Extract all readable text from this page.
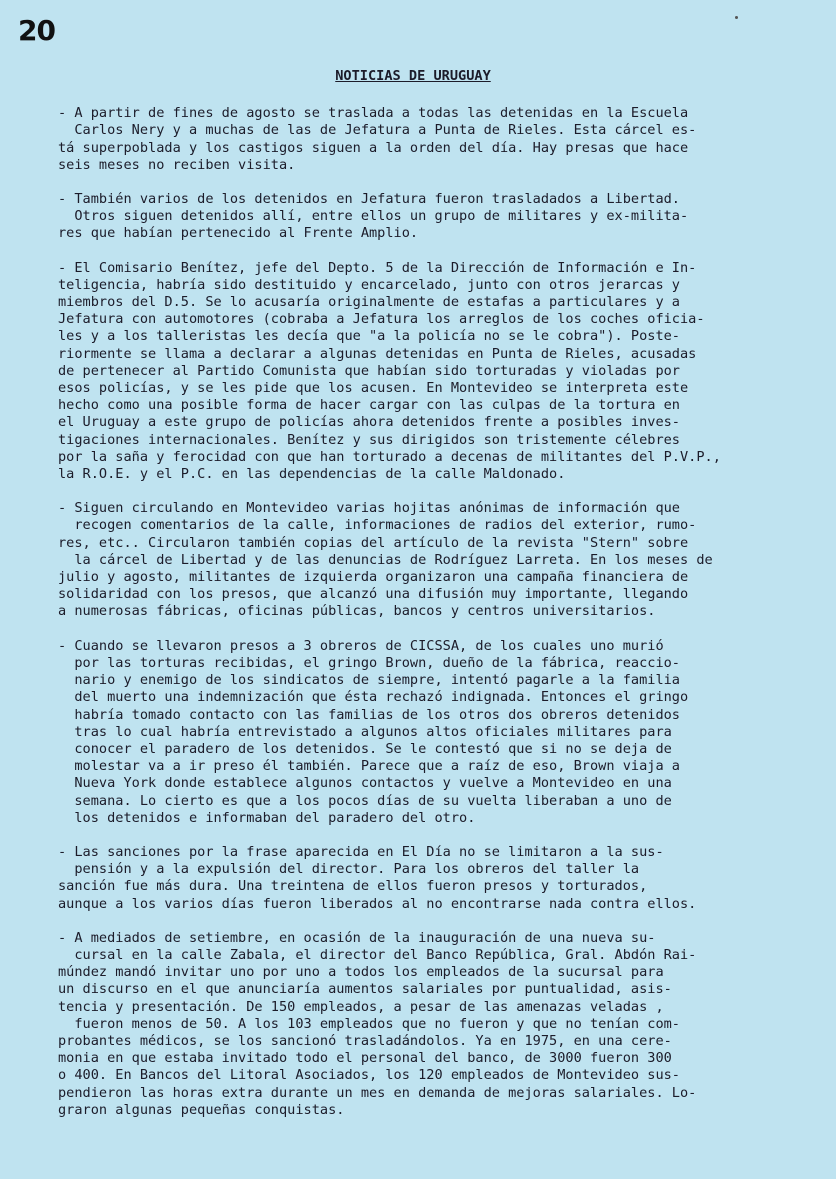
20
NOTICIAS DE URUGUAY
- A partir de fines de agosto se traslada a todas las detenidas en la Escuela
Carlos Nery y a muchas de las de Jefatura a Punta de Rieles. Esta cárcel es-
tá superpoblada y los castigos siguen a la orden del día. Hay presas que hace
seis meses no reciben visita.
- También varios de los detenidos en Jefatura fueron trasladados a Libertad.
Otros siguen detenidos allí, entre ellos un grupo de militares y ex-milita-
res que habían pertenecido al Frente Amplio.
- El Comisario Benítez, jefe del Depto. 5 de la Dirección de Información e In-
teligencia, habría sido destituido y encarcelado, junto con otros jerarcas y
miembros del D.5. Se lo acusaría originalmente de estafas a particulares y a
Jefatura con automotores (cobraba a Jefatura los arreglos de los coches oficia-
les y a los talleristas les decía que "a la policía no se le cobra"). Poste-
riormente se llama a declarar a algunas detenidas en Punta de Rieles, acusadas
de pertenecer al Partido Comunista que habían sido torturadas y violadas por
esos policías, y se les pide que los acusen. En Montevideo se interpreta este
hecho como una posible forma de hacer cargar con las culpas de la tortura en
el Uruguay a este grupo de policías ahora detenidos frente a posibles inves-
tigaciones internacionales. Benítez y sus dirigidos son tristemente célebres
por la saña y ferocidad con que han torturado a decenas de militantes del P.V.P.,
la R.O.E. y el P.C. en las dependencias de la calle Maldonado.
- Siguen circulando en Montevideo varias hojitas anónimas de información que
recogen comentarios de la calle, informaciones de radios del exterior, rumo-
res, etc.. Circularon también copias del artículo de la revista "Stern" sobre
la cárcel de Libertad y de las denuncias de Rodríguez Larreta. En los meses de
julio y agosto, militantes de izquierda organizaron una campaña financiera de
solidaridad con los presos, que alcanzó una difusión muy importante, llegando
a numerosas fábricas, oficinas públicas, bancos y centros universitarios.
- Cuando se llevaron presos a 3 obreros de CICSSA, de los cuales uno murió
por las torturas recibidas, el gringo Brown, dueño de la fábrica, reaccio-
nario y enemigo de los sindicatos de siempre, intentó pagarle a la familia
del muerto una indemnización que ésta rechazó indignada. Entonces el gringo
habría tomado contacto con las familias de los otros dos obreros detenidos
tras lo cual habría entrevistado a algunos altos oficiales militares para
conocer el paradero de los detenidos. Se le contestó que si no se deja de
molestar va a ir preso él también. Parece que a raíz de eso, Brown viaja a
Nueva York donde establece algunos contactos y vuelve a Montevideo en una
semana. Lo cierto es que a los pocos días de su vuelta liberaban a uno de
los detenidos e informaban del paradero del otro.
- Las sanciones por la frase aparecida en El Día no se limitaron a la sus-
pensión y a la expulsión del director. Para los obreros del taller la
sanción fue más dura. Una treintena de ellos fueron presos y torturados,
aunque a los varios días fueron liberados al no encontrarse nada contra ellos.
- A mediados de setiembre, en ocasión de la inauguración de una nueva su-
cursal en la calle Zabala, el director del Banco República, Gral. Abdón Rai-
múndez mandó invitar uno por uno a todos los empleados de la sucursal para
un discurso en el que anunciaría aumentos salariales por puntualidad, asis-
tencia y presentación. De 150 empleados, a pesar de las amenazas veladas ,
fueron menos de 50. A los 103 empleados que no fueron y que no tenían com-
probantes médicos, se los sancionó trasladándolos. Ya en 1975, en una cere-
monia en que estaba invitado todo el personal del banco, de 3000 fueron 300
o 400. En Bancos del Litoral Asociados, los 120 empleados de Montevideo sus-
pendieron las horas extra durante un mes en demanda de mejoras salariales. Lo-
graron algunas pequeñas conquistas.
